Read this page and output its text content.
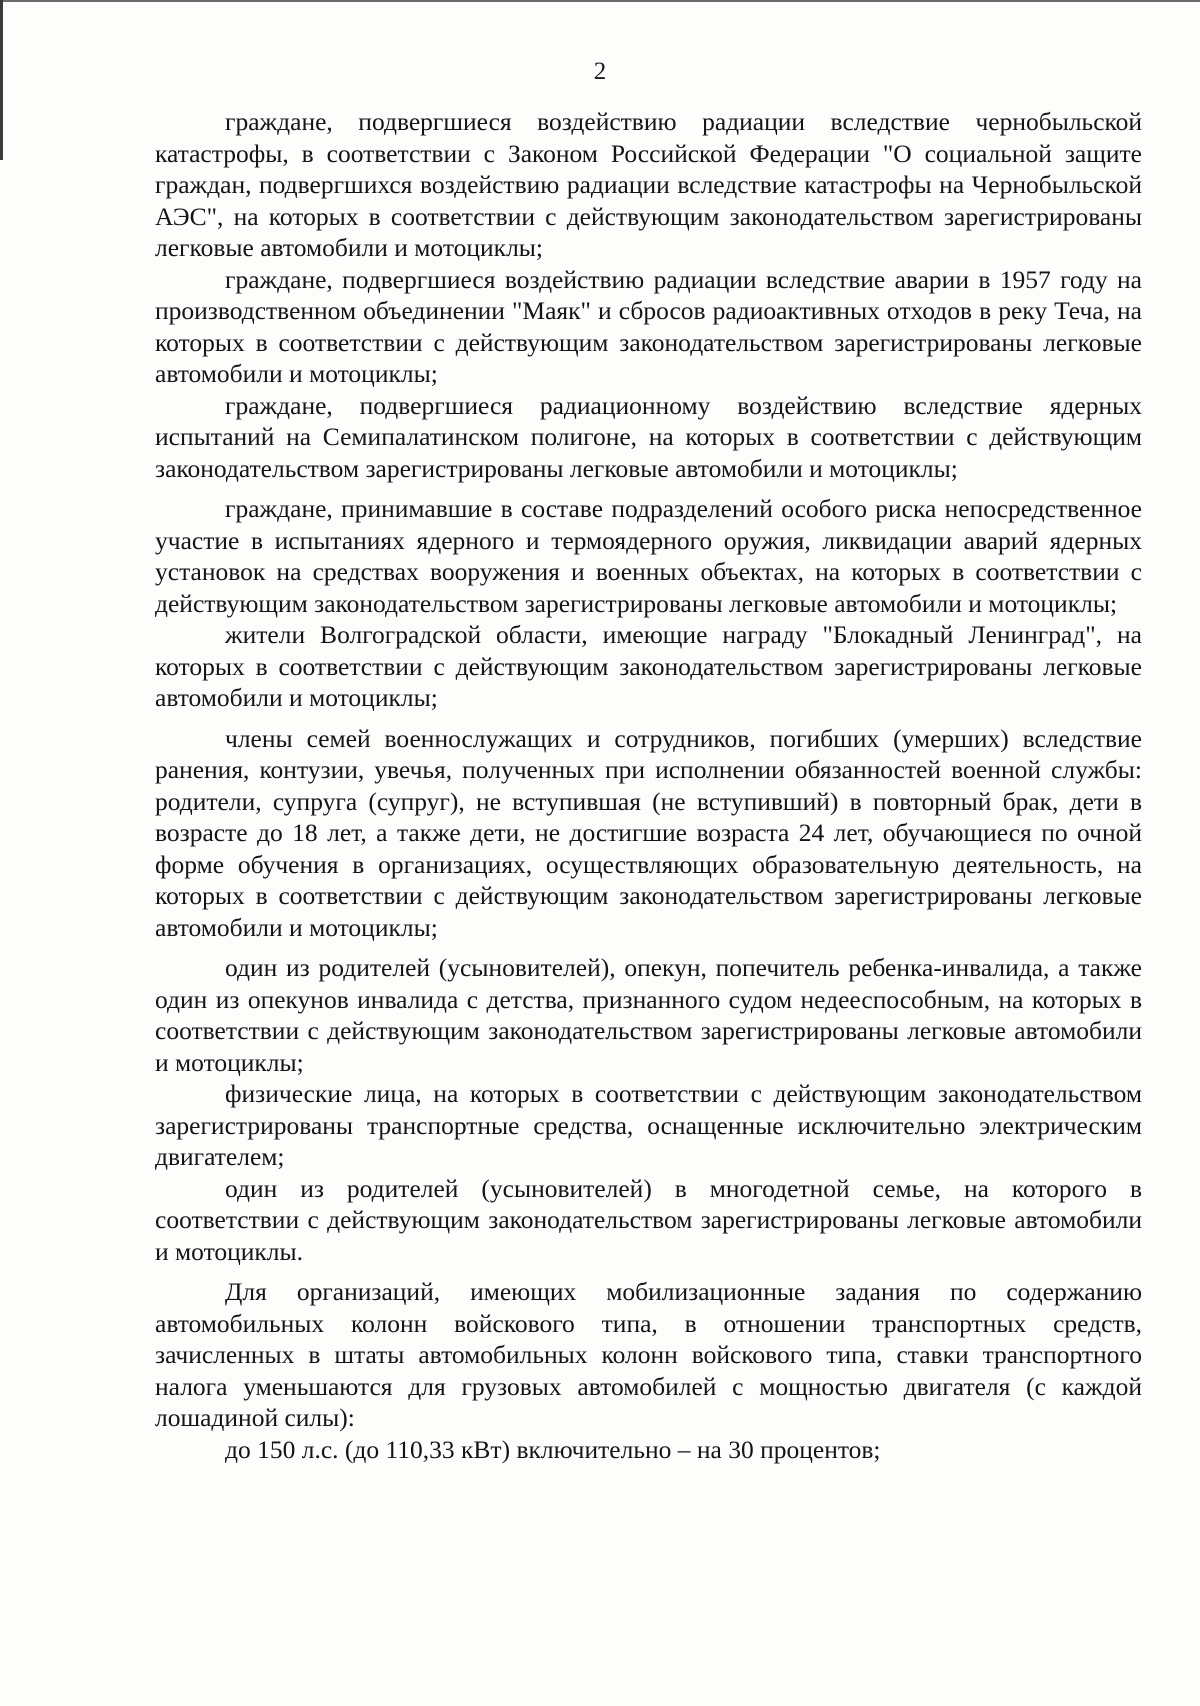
2

граждане, подвергшиеся воздействию радиации вследствие чернобыльской катастрофы, в соответствии с Законом Российской Федерации "О социальной защите граждан, подвергшихся воздействию радиации вследствие катастрофы на Чернобыльской АЭС", на которых в соответствии с действующим законодательством зарегистрированы легковые автомобили и мотоциклы;

граждане, подвергшиеся воздействию радиации вследствие аварии в 1957 году на производственном объединении "Маяк" и сбросов радиоактивных отходов в реку Теча, на которых в соответствии с действующим законодательством зарегистрированы легковые автомобили и мотоциклы;

граждане, подвергшиеся радиационному воздействию вследствие ядерных испытаний на Семипалатинском полигоне, на которых в соответствии с действующим законодательством зарегистрированы легковые автомобили и мотоциклы;

граждане, принимавшие в составе подразделений особого риска непосредственное участие в испытаниях ядерного и термоядерного оружия, ликвидации аварий ядерных установок на средствах вооружения и военных объектах, на которых в соответствии с действующим законодательством зарегистрированы легковые автомобили и мотоциклы;

жители Волгоградской области, имеющие награду "Блокадный Ленинград", на которых в соответствии с действующим законодательством зарегистрированы легковые автомобили и мотоциклы;

члены семей военнослужащих и сотрудников, погибших (умерших) вследствие ранения, контузии, увечья, полученных при исполнении обязанностей военной службы: родители, супруга (супруг), не вступившая (не вступивший) в повторный брак, дети в возрасте до 18 лет, а также дети, не достигшие возраста 24 лет, обучающиеся по очной форме обучения в организациях, осуществляющих образовательную деятельность, на которых в соответствии с действующим законодательством зарегистрированы легковые автомобили и мотоциклы;

один из родителей (усыновителей), опекун, попечитель ребенка-инвалида, а также один из опекунов инвалида с детства, признанного судом недееспособным, на которых в соответствии с действующим законодательством зарегистрированы легковые автомобили и мотоциклы;

физические лица, на которых в соответствии с действующим законодательством зарегистрированы транспортные средства, оснащенные исключительно электрическим двигателем;

один из родителей (усыновителей) в многодетной семье, на которого в соответствии с действующим законодательством зарегистрированы легковые автомобили и мотоциклы.

Для организаций, имеющих мобилизационные задания по содержанию автомобильных колонн войскового типа, в отношении транспортных средств, зачисленных в штаты автомобильных колонн войскового типа, ставки транспортного налога уменьшаются для грузовых автомобилей с мощностью двигателя (с каждой лошадиной силы):

до 150 л.с. (до 110,33 кВт) включительно – на 30 процентов;
